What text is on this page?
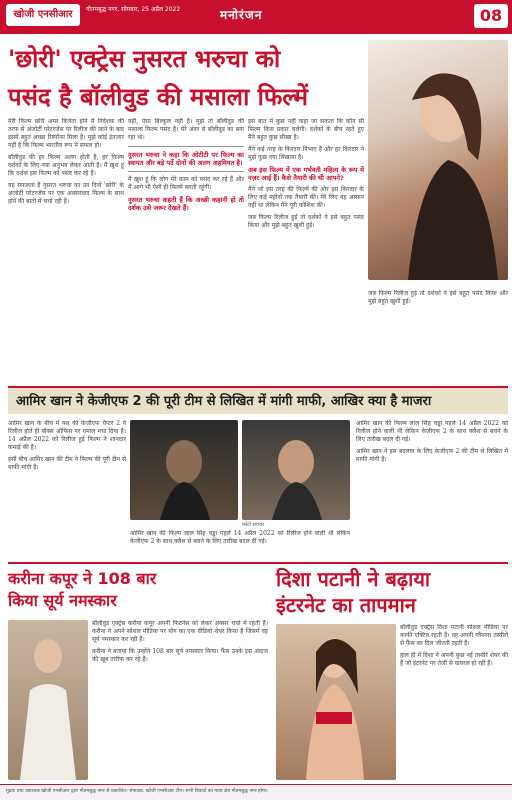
खोजी एनसीआर	गौतमबुद्ध नगर, सोमवार, 25 अप्रैल 2022	मनोरंजन	08
'छोरी' एक्ट्रेस नुसरत भरुचा को
पसंद है बॉलीवुड की मसाला फिल्में

मेरी फिल्म छोरी अमर बिजेता होने में निर्देशक की तरफ से अंजोर्टी परेटरजेंस पर रिलीज की जाने के बाद इसमें बहुत अच्छा रिस्पॉन्स मिला है। मुझे कोई इंतजार नहीं है कि फिल्म भारतीय रूप में सफल हो।

बॉलीवुड की हर फिल्म अलग होती है, हर फिल्म दर्शकों के लिए नया अनुभव लेकर आती है। मैं खुश हूं कि दर्शक इस फिल्म को पसंद कर रहे हैं।

यह सफलता है नुसरत भरुचा का उन दिनों 'छोरी' के अंजोर्टी परेटरजेंस पर एक अवसरवाद फिल्म के साथ होने की बातों में चर्चा रही हैं।

वहीं, ऐसा बिल्कुल नहीं है। मुझे तो बॉलीवुड की मसाला फिल्म पसंद है। मेरे अंदर से बॉलीवुड का बना रहा था।

नुसरत भरुचा ने कहा कि ओटीटी पर फिल्म का स्वागत और बड़े पर्दे दोनों की अलग अहमियत है।

मैं खुश हूं कि लोग मेरे काम को पसंद कर रहे हैं और मैं आगे भी ऐसी ही फिल्में करती रहूंगी।

नुसरत भरुचा कहती हैं कि अच्छी कहानी हो तो दर्शक उसे जरूर देखते हैं।

इस बात में कुछ नहीं कहा जा सकता कि कौन सी फिल्म किस प्रकार चलेगी। दर्शकों के बीच रहते हुए मैंने बहुत कुछ सीखा है।

मैंने कई तरह के किरदार निभाए हैं और हर किरदार ने मुझे कुछ नया सिखाया है।

अब इस फिल्म में एक गर्भवती महिला के रूप में नज़र आई हैं। कैसे तैयारी की थी आपने?

मैंने जो इस तरह की फिल्में की और इस किरदार के लिए कई महीनों तक तैयारी की। मेरे लिए यह आसान नहीं था लेकिन मैंने पूरी कोशिश की।

जब फिल्म रिलीज हुई तो दर्शकों ने इसे बहुत पसंद किया और मुझे बहुत खुशी हुई।

जब फिल्म रिलीज हुई तो दर्शकों ने इसे बहुत पसंद किया और मुझे बहुत खुशी हुई।

आमिर खान ने केजीएफ 2 की पूरी टीम से लिखित में मांगी माफी, आखिर क्या है माजरा

आमिर खान के बीच में यश की केजीएफ चैप्टर 2 ने रिलीज होते ही बॉक्स ऑफिस पर धमाल मचा दिया है। 14 अप्रैल 2022 को रिलीज हुई फिल्म ने शानदार कमाई की है।

इसी बीच आमिर खान की टीम ने फिल्म की पूरी टीम से माफी मांगी है।

फोटो साभार

आमिर खान की फिल्म लाल सिंह चड्ढा पहले 14 अप्रैल 2022 को रिलीज होने वाली थी लेकिन केजीएफ 2 के साथ क्लैश से बचने के लिए तारीख बदल दी गई।

आमिर खान की फिल्म लाल सिंह चड्ढा पहले 14 अप्रैल 2022 को रिलीज होने वाली थी लेकिन केजीएफ 2 के साथ क्लैश से बचने के लिए तारीख बदल दी गई।

आमिर खान ने इस बदलाव के लिए केजीएफ 2 की टीम से लिखित में माफी मांगी है।

करीना कपूर ने 108 बार
किया सूर्य नमस्कार

बॉलीवुड एक्ट्रेस करीना कपूर अपनी फिटनेस को लेकर अक्सर चर्चा में रहती हैं। करीना ने अपने सोशल मीडिया पर योग का एक वीडियो शेयर किया है जिसमें वह सूर्य नमस्कार कर रही हैं।

करीना ने बताया कि उन्होंने 108 बार सूर्य नमस्कार किया। फैंस उनके इस अंदाज की खूब तारीफ कर रहे हैं।

दिशा पटानी ने बढ़ाया
इंटरनेट का तापमान

बॉलीवुड एक्ट्रेस दिशा पटानी सोशल मीडिया पर काफी एक्टिव रहती हैं। वह अपनी ग्लैमरस तस्वीरों से फैंस का दिल जीतती रहती हैं।

हाल ही में दिशा ने अपनी कुछ नई तस्वीरें शेयर की हैं जो इंटरनेट पर तेजी से वायरल हो रही हैं।

मुद्रक तथा प्रकाशक खोजी एनसीआर द्वारा गौतमबुद्ध नगर से प्रकाशित। संपादक: खोजी एनसीआर टीम। सभी विवादों का न्याय क्षेत्र गौतमबुद्ध नगर होगा।
